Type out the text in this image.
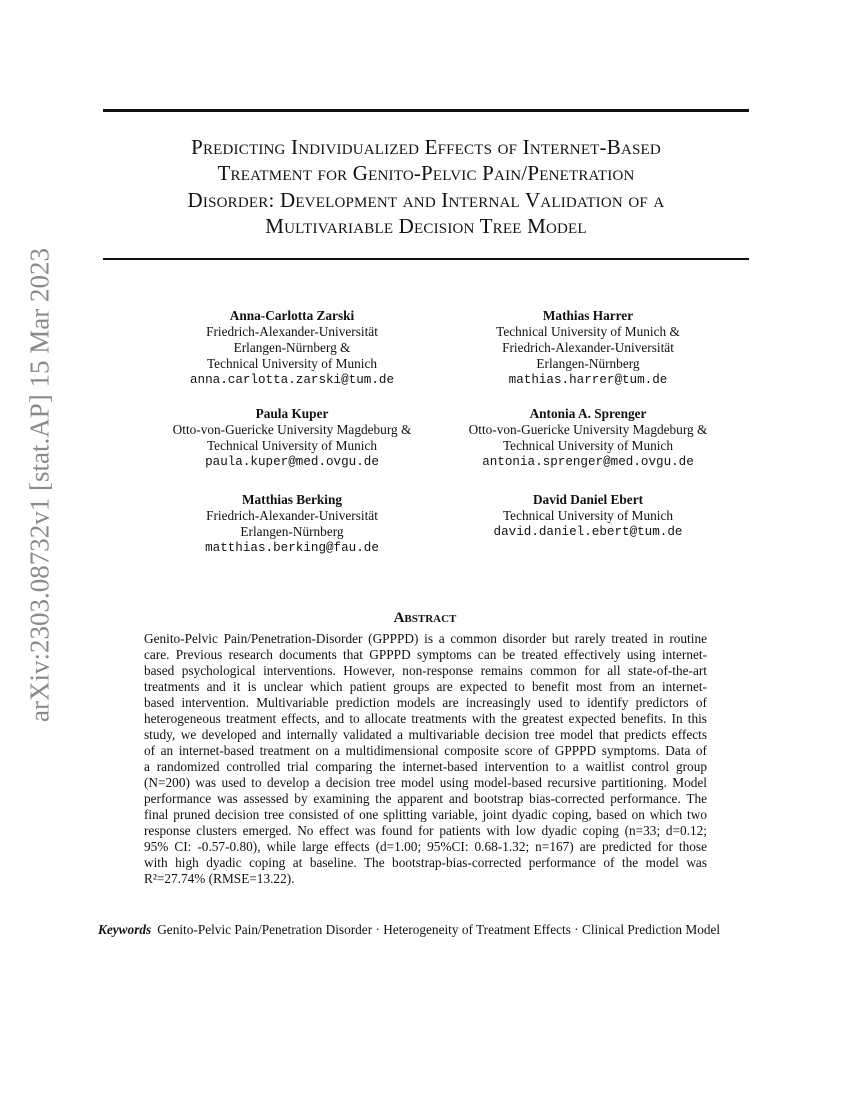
arXiv:2303.08732v1 [stat.AP] 15 Mar 2023
Predicting Individualized Effects of Internet-Based
Treatment for Genito-Pelvic Pain/Penetration
Disorder: Development and Internal Validation of a
Multivariable Decision Tree Model
Anna-Carlotta Zarski
Friedrich-Alexander-Universität
Erlangen-Nürnberg &
Technical University of Munich
anna.carlotta.zarski@tum.de
Mathias Harrer
Technical University of Munich &
Friedrich-Alexander-Universität
Erlangen-Nürnberg
mathias.harrer@tum.de
Paula Kuper
Otto-von-Guericke University Magdeburg &
Technical University of Munich
paula.kuper@med.ovgu.de
Antonia A. Sprenger
Otto-von-Guericke University Magdeburg &
Technical University of Munich
antonia.sprenger@med.ovgu.de
Matthias Berking
Friedrich-Alexander-Universität
Erlangen-Nürnberg
matthias.berking@fau.de
David Daniel Ebert
Technical University of Munich
david.daniel.ebert@tum.de
Abstract
Genito-Pelvic Pain/Penetration-Disorder (GPPPD) is a common disorder but rarely treated in routine
care. Previous research documents that GPPPD symptoms can be treated effectively using internet-
based psychological interventions. However, non-response remains common for all state-of-the-art
treatments and it is unclear which patient groups are expected to benefit most from an internet-
based intervention. Multivariable prediction models are increasingly used to identify predictors of
heterogeneous treatment effects, and to allocate treatments with the greatest expected benefits. In this
study, we developed and internally validated a multivariable decision tree model that predicts effects
of an internet-based treatment on a multidimensional composite score of GPPPD symptoms. Data of
a randomized controlled trial comparing the internet-based intervention to a waitlist control group
(N=200) was used to develop a decision tree model using model-based recursive partitioning. Model
performance was assessed by examining the apparent and bootstrap bias-corrected performance. The
final pruned decision tree consisted of one splitting variable, joint dyadic coping, based on which two
response clusters emerged. No effect was found for patients with low dyadic coping (n=33; d=0.12;
95% CI: -0.57-0.80), while large effects (d=1.00; 95%CI: 0.68-1.32; n=167) are predicted for those
with high dyadic coping at baseline. The bootstrap-bias-corrected performance of the model was
R²=27.74% (RMSE=13.22).
Keywords Genito-Pelvic Pain/Penetration Disorder · Heterogeneity of Treatment Effects · Clinical Prediction Model
